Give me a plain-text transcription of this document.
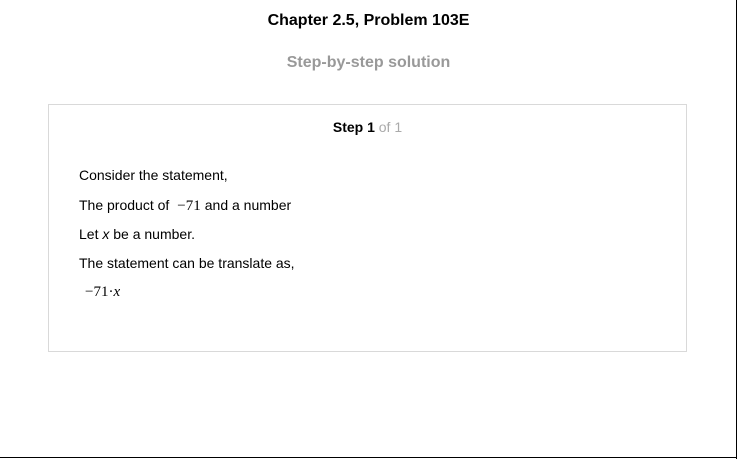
Chapter 2.5, Problem 103E
Step-by-step solution
Step 1 of 1
Consider the statement,
The product of −71 and a number
Let x be a number.
The statement can be translate as,
−71·x
